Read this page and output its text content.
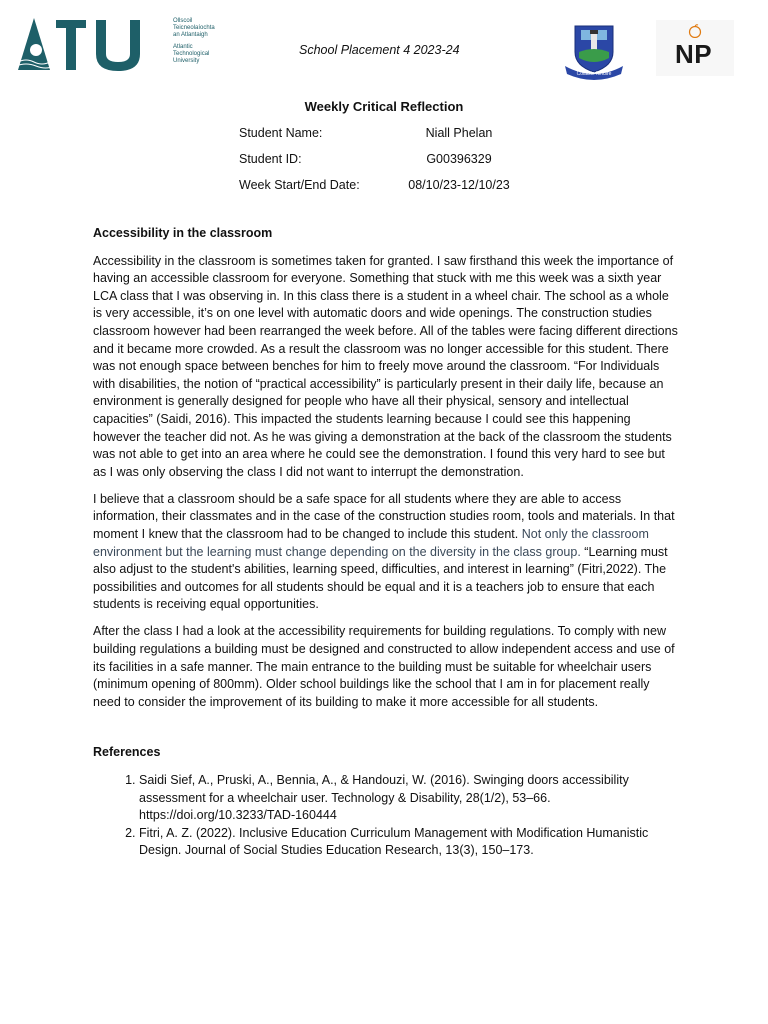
Ollscoil
Teicneolaíochta
an Atlantaigh
Atlantic
Technological
University
School Placement 4 2023-24
Coláiste Mhuire
NP
Weekly Critical Reflection
Student Name:	Niall Phelan
Student ID:	G00396329
Week Start/End Date:	08/10/23-12/10/23
Accessibility in the classroom

Accessibility in the classroom is sometimes taken for granted. I saw firsthand this week the importance of having an accessible classroom for everyone. Something that stuck with me this week was a sixth year LCA class that I was observing in. In this class there is a student in a wheel chair. The school as a whole is very accessible, it’s on one level with automatic doors and wide openings. The construction studies classroom however had been rearranged the week before. All of the tables were facing different directions and it became more crowded. As a result the classroom was no longer accessible for this student. There was not enough space between benches for him to freely move around the classroom. “For Individuals with disabilities, the notion of “practical accessibility” is particularly present in their daily life, because an environment is generally designed for people who have all their physical, sensory and intellectual capacities” (Saidi, 2016). This impacted the students learning because I could see this happening however the teacher did not. As he was giving a demonstration at the back of the classroom the students was not able to get into an area where he could see the demonstration. I found this very hard to see but as I was only observing the class I did not want to interrupt the demonstration.

I believe that a classroom should be a safe space for all students where they are able to access information, their classmates and in the case of the construction studies room, tools and materials. In that moment I knew that the classroom had to be changed to include this student. Not only the classroom environment but the learning must change depending on the diversity in the class group. “Learning must also adjust to the student's abilities, learning speed, difficulties, and interest in learning” (Fitri,2022). The possibilities and outcomes for all students should be equal and it is a teachers job to ensure that each students is receiving equal opportunities.

After the class I had a look at the accessibility requirements for building regulations. To comply with new building regulations a building must be designed and constructed to allow independent access and use of its facilities in a safe manner. The main entrance to the building must be suitable for wheelchair users (minimum opening of 800mm). Older school buildings like the school that I am in for placement really need to consider the improvement of its building to make it more accessible for all students.

References
1. Saidi Sief, A., Pruski, A., Bennia, A., & Handouzi, W. (2016). Swinging doors accessibility assessment for a wheelchair user. Technology & Disability, 28(1/2), 53–66. https://doi.org/10.3233/TAD-160444
2. Fitri, A. Z. (2022). Inclusive Education Curriculum Management with Modification Humanistic Design. Journal of Social Studies Education Research, 13(3), 150–173.
